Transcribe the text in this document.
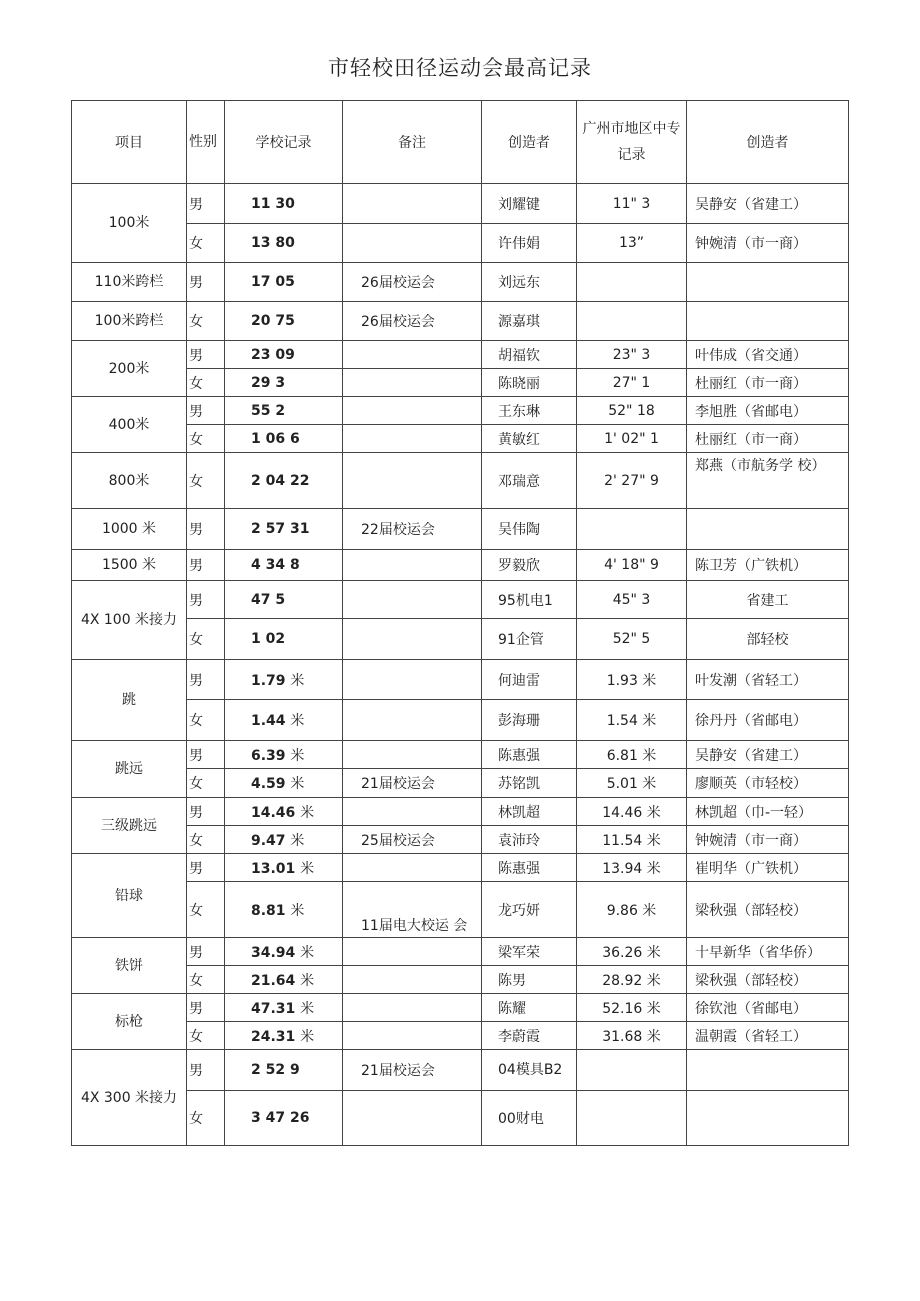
市轻校田径运动会最高记录
项目	性别	学校记录	备注	创造者	广州市地区中专记录	创造者
100米	男	11 30		刘耀键	11" 3	吴静安（省建工）
	女	13 80		许伟娟	13”	钟婉清（市一商）
110米跨栏	男	17 05	26届校运会	刘远东		
100米跨栏	女	20 75	26届校运会	源嘉琪		
200米	男	23 09		胡福钦	23" 3	叶伟成（省交通）
	女	29 3		陈晓丽	27" 1	杜丽红（市一商）
400米	男	55 2		王东琳	52" 18	李旭胜（省邮电）
	女	1 06 6		黄敏红	1' 02" 1	杜丽红（市一商）
800米	女	2 04 22		邓瑞意	2' 27" 9	郑燕（市航务学 校）
1000 米	男	2 57 31	22届校运会	吴伟陶		
1500 米	男	4 34 8		罗毅欣	4' 18" 9	陈卫芳（广铁机）
4X 100 米接力	男	47 5		95机电1	45" 3	省建工
	女	1 02		91企管	52" 5	部轻校
跳	男	1.79 米		何迪雷	1.93 米	叶发潮（省轻工）
	女	1.44 米		彭海珊	1.54 米	徐丹丹（省邮电）
跳远	男	6.39 米		陈惠强	6.81 米	吴静安（省建工）
	女	4.59 米	21届校运会	苏铭凯	5.01 米	廖顺英（市轻校）
三级跳远	男	14.46 米		林凯超	14.46 米	林凯超（巾-一轻）
	女	9.47 米	25届校运会	袁沛玲	11.54 米	钟婉清（市一商）
铅球	男	13.01 米		陈惠强	13.94 米	崔明华（广铁机）
	女	8.81 米	11届电大校运 会	龙巧妍	9.86 米	梁秋强（部轻校）
铁饼	男	34.94 米		梁军荣	36.26 米	十早新华（省华侨）
	女	21.64 米		陈男	28.92 米	梁秋强（部轻校）
标枪	男	47.31 米		陈耀	52.16 米	徐钦池（省邮电）
	女	24.31 米		李蔚霞	31.68 米	温朝霞（省轻工）
4X 300 米接力	男	2 52 9	21届校运会	04模具B2		
	女	3 47 26		00财电		
